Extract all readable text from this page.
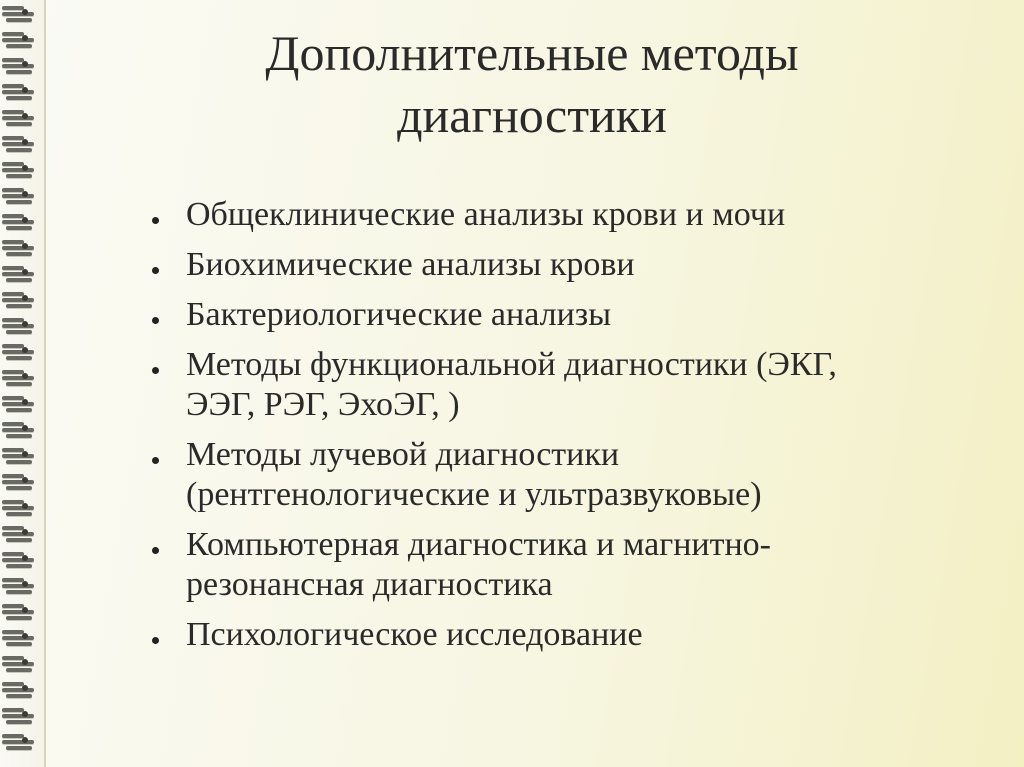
Дополнительные методы
диагностики
Общеклинические анализы крови и мочи
Биохимические анализы крови
Бактериологические анализы
Методы функциональной диагностики (ЭКГ,
ЭЭГ, РЭГ, ЭхоЭГ, )
Методы лучевой диагностики
(рентгенологические и ультразвуковые)
Компьютерная диагностика и магнитно-
резонансная диагностика
Психологическое исследование
